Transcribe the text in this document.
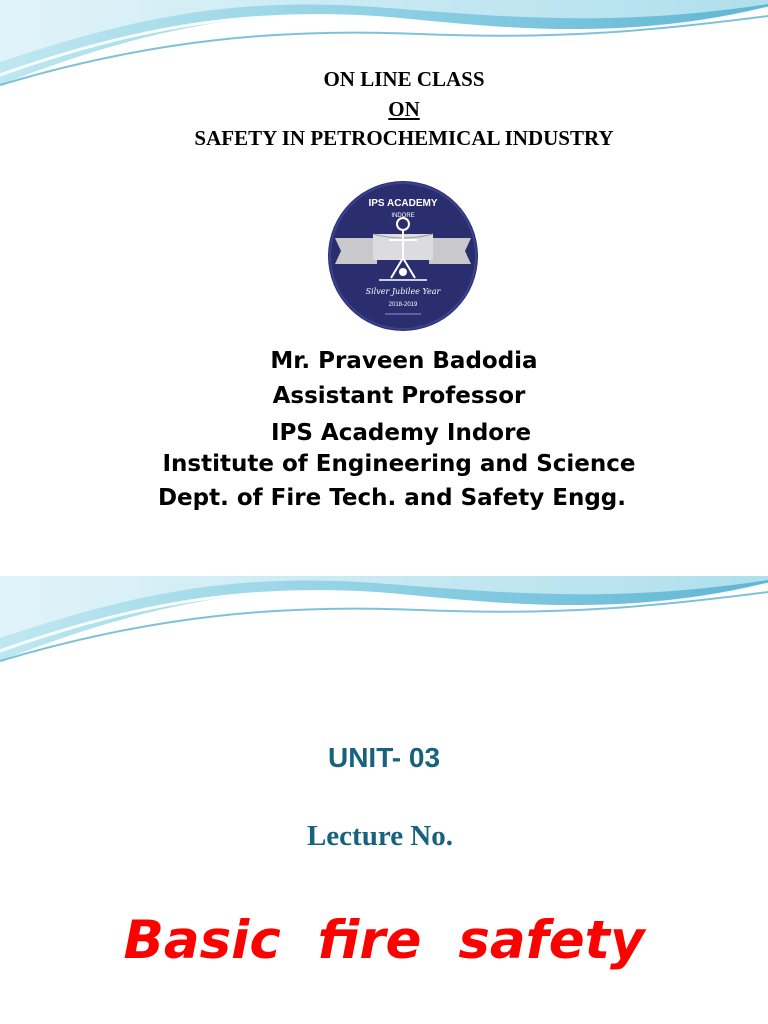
ON LINE CLASS
ON
SAFETY IN PETROCHEMICAL INDUSTRY
IPS ACADEMY
INDORE
Silver Jubilee Year
2018-2019
Mr. Praveen Badodia
Assistant Professor
IPS Academy Indore
Institute of Engineering and Science
Dept. of Fire Tech. and Safety Engg.
UNIT- 03
Lecture No.
Basic  fire  safety
